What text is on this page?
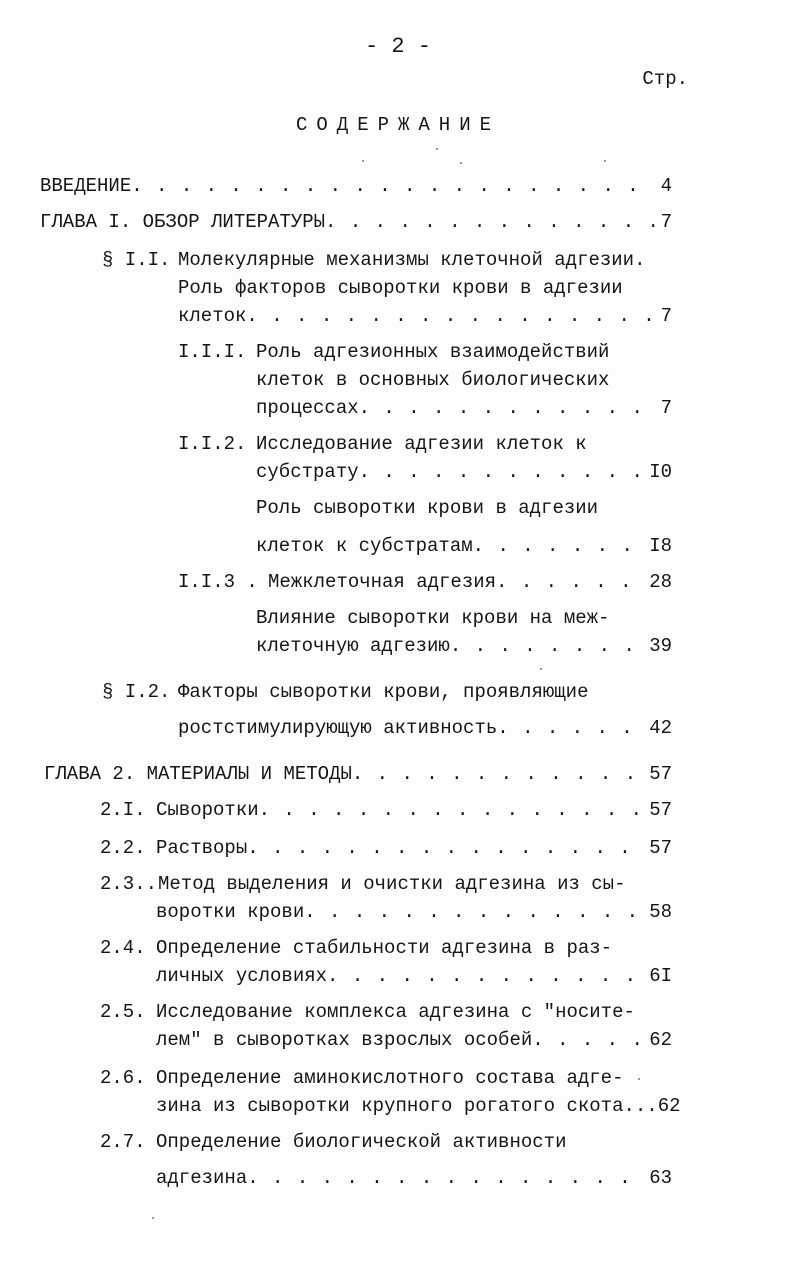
- 2 -
Стр.
СОДЕРЖАНИЕ
ВВЕДЕНИЕ . . .	4
ГЛАВА I. ОБЗОР ЛИТЕРАТУРЫ . . .	7
§ I.I. Молекулярные механизмы клеточной адгезии.
Роль факторов сыворотки крови в адгезии
клеток . . .	7
I.I.I. Роль адгезионных взаимодействий
клеток в основных биологических
процессах . . .	7
I.I.2. Исследование адгезии клеток к
субстрату . . .	I0
Роль сыворотки крови в адгезии
клеток к субстратам . . .	I8
I.I.3 . Межклеточная адгезия . . .	28
Влияние сыворотки крови на меж-
клеточную адгезию . . .	39
§ I.2. Факторы сыворотки крови, проявляющие
ростстимулирующую активность . . .	42
ГЛАВА 2. МАТЕРИАЛЫ И МЕТОДЫ . . .	57
2.I. Сыворотки . . .	57
2.2. Растворы . . .	57
2.3.. Метод выделения и очистки адгезина из сы-
воротки крови . . .	58
2.4. Определение стабильности адгезина в раз-
личных условиях . . .	6I
2.5. Исследование комплекса адгезина с "носите-
лем" в сыворотках взрослых особей . . .	62
2.6. Определение аминокислотного состава адге-
зина из сыворотки крупного рогатого скота... 62
2.7. Определение биологической активности
адгезина . . .	63
